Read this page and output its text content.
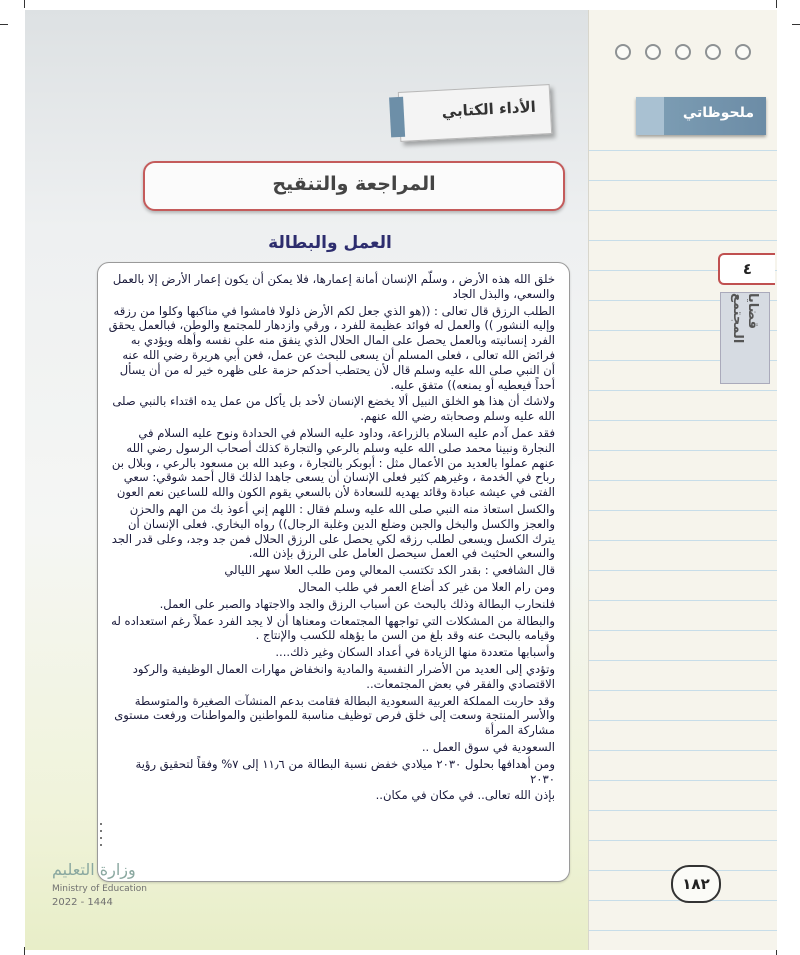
ملحوظاتي
الأداء الكتابي
المراجعة والتنقيح
العمل والبطالة

خلق الله هذه الأرض ، وسلّم الإنسان أمانة إعمارها، فلا يمكن أن يكون إعمار الأرض إلا بالعمل والسعي، والبذل الجاد

الطلب الرزق قال تعالى : ((هو الذي جعل لكم الأرض ذلولا فامشوا في مناكبها وكلوا من رزقه وإليه النشور )) والعمل له فوائد عظيمة للفرد ، ورقي وازدهار للمجتمع والوطن، فبالعمل يحقق الفرد إنسانيته وبالعمل يحصل على المال الحلال الذي ينفق منه على نفسه وأهله ويؤدي به فرائض الله تعالى ، فعلى المسلم أن يسعى للبحث عن عمل، فعن أبي هريرة رضي الله عنه أن النبي صلى الله عليه وسلم قال لأن يحتطب أحدكم حزمة على ظهره خير له من أن يسأل أحداً فيعطيه أو يمنعه)) متفق عليه.

ولاشك أن هذا هو الخلق النبيل ألا يخضع الإنسان لأحد بل يأكل من عمل يده اقتداء بالنبي صلى الله عليه وسلم وصحابته رضي الله عنهم.

فقد عمل آدم عليه السلام بالزراعة، وداود عليه السلام في الحدادة ونوح عليه السلام في النجارة ونبينا محمد صلى الله عليه وسلم بالرعي والتجارة كذلك أصحاب الرسول رضي الله عنهم عملوا بالعديد من الأعمال مثل : أبوبكر بالتجارة ، وعبد الله بن مسعود بالرعي ، وبلال بن رباح في الخدمة ، وغيرهم كثير فعلى الإنسان أن يسعى جاهدا لذلك قال أحمد شوقي: سعي الفتى في عيشه عبادة وقائد يهديه للسعادة لأن بالسعي يقوم الكون والله للساعين نعم العون

والكسل استعاذ منه النبي صلى الله عليه وسلم فقال : اللهم إني أعوذ بك من الهم والحزن والعجز والكسل والبخل والجبن وضلع الدين وغلبة الرجال)) رواه البخاري. فعلى الإنسان أن يترك الكسل ويسعى لطلب رزقه لكي يحصل على الرزق الحلال فمن جد وجد، وعلى قدر الجد والسعي الحثيث في العمل سيحصل العامل على الرزق بإذن الله.

قال الشافعي : بقدر الكد تكتسب المعالي ومن طلب العلا سهر الليالي

ومن رام العلا من غير كد أضاع العمر في طلب المحال

فلنحارب البطالة وذلك بالبحث عن أسباب الرزق والجد والاجتهاد والصبر على العمل.

والبطالة من المشكلات التي تواجهها المجتمعات ومعناها أن لا يجد الفرد عملاً رغم استعداده له وقيامه بالبحث عنه وقد بلغ من السن ما يؤهله للكسب والإنتاج .

وأسبابها متعددة منها الزيادة في أعداد السكان وغير ذلك....

وتؤدي إلى العديد من الأضرار النفسية والمادية وانخفاض مهارات العمال الوظيفية والركود الاقتصادي والفقر في بعض المجتمعات..

وقد حاربت المملكة العربية السعودية البطالة فقامت بدعم المنشآت الصغيرة والمتوسطة والأسر المنتجة وسعت إلى خلق فرص توظيف مناسبة للمواطنين والمواطنات ورفعت مستوى مشاركة المرأة

السعودية في سوق العمل ..

ومن أهدافها بحلول ٢٠٣٠ ميلادي خفض نسبة البطالة من ١١٫٦ إلى ٧% وفقاً لتحقيق رؤية ٢٠٣٠

بإذن الله تعالى.. في مكان في مكان..

وزارة التعليم
Ministry of Education
2022 - 1444
٤
قضايا المجتمع
١٨٢
